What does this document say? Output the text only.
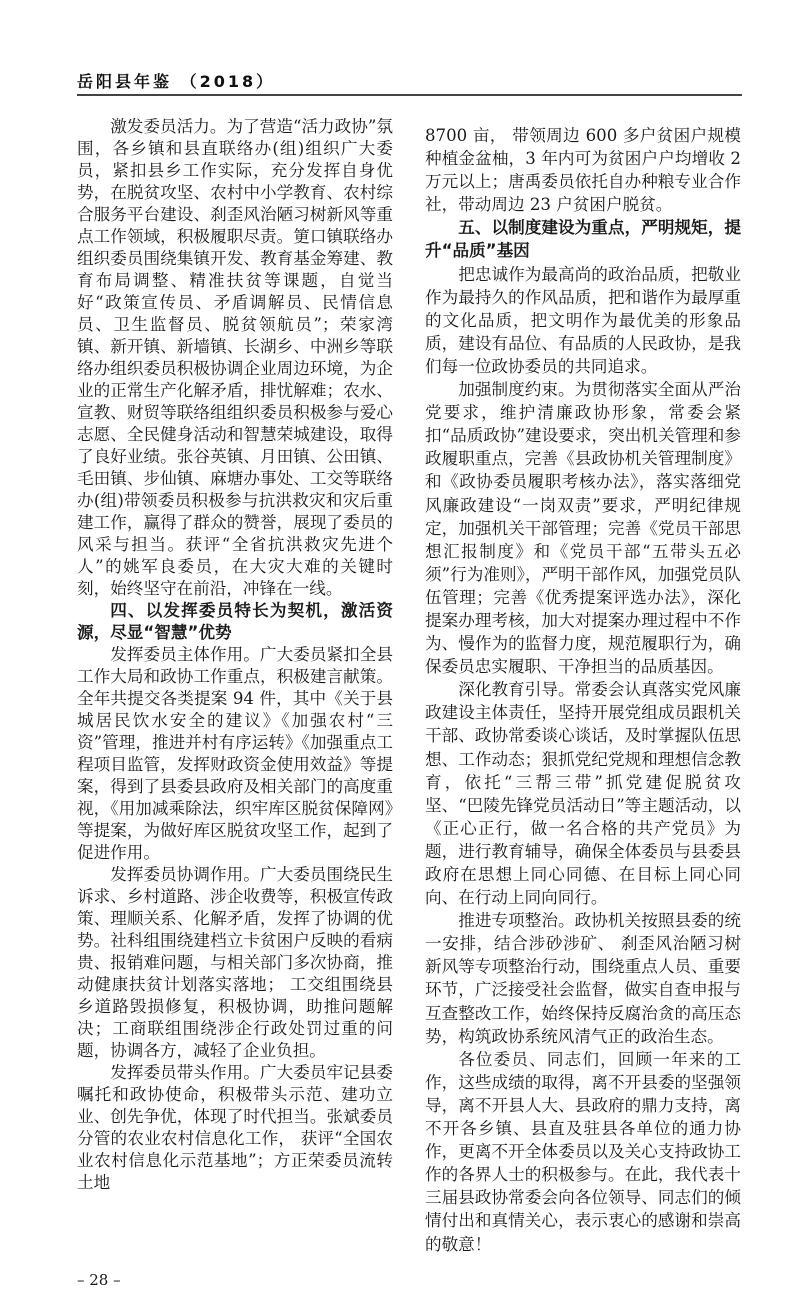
岳阳县年鉴 （2018）

激发委员活力。为了营造“活力政协”氛围，各乡镇和县直联络办(组)组织广大委员，紧扣县乡工作实际，充分发挥自身优势，在脱贫攻坚、农村中小学教育、农村综合服务平台建设、刹歪风治陋习树新风等重点工作领域，积极履职尽责。筻口镇联络办组织委员围绕集镇开发、教育基金筹建、教育布局调整、精准扶贫等课题，自觉当好“政策宣传员、矛盾调解员、民情信息员、卫生监督员、脱贫领航员”；荣家湾镇、新开镇、新墙镇、长湖乡、中洲乡等联络办组织委员积极协调企业周边环境，为企业的正常生产化解矛盾，排忧解难；农水、宣教、财贸等联络组组织委员积极参与爱心志愿、全民健身活动和智慧荣城建设，取得了良好业绩。张谷英镇、月田镇、公田镇、毛田镇、步仙镇、麻塘办事处、工交等联络办(组)带领委员积极参与抗洪救灾和灾后重建工作，赢得了群众的赞誉，展现了委员的风采与担当。获评“全省抗洪救灾先进个人”的姚军良委员，在大灾大难的关键时刻，始终坚守在前沿，冲锋在一线。

四、以发挥委员特长为契机，激活资源，尽显“智慧”优势

发挥委员主体作用。广大委员紧扣全县工作大局和政协工作重点，积极建言献策。全年共提交各类提案 94 件，其中《关于县城居民饮水安全的建议》《加强农村“三资”管理，推进并村有序运转》《加强重点工程项目监管，发挥财政资金使用效益》等提案，得到了县委县政府及相关部门的高度重视，《用加减乘除法，织牢库区脱贫保障网》等提案，为做好库区脱贫攻坚工作，起到了促进作用。

发挥委员协调作用。广大委员围绕民生诉求、乡村道路、涉企收费等，积极宣传政策、理顺关系、化解矛盾，发挥了协调的优势。社科组围绕建档立卡贫困户反映的看病贵、报销难问题，与相关部门多次协商，推动健康扶贫计划落实落地； 工交组围绕县乡道路毁损修复，积极协调，助推问题解决；工商联组围绕涉企行政处罚过重的问题，协调各方，减轻了企业负担。

发挥委员带头作用。广大委员牢记县委嘱托和政协使命，积极带头示范、建功立业、创先争优，体现了时代担当。张斌委员分管的农业农村信息化工作， 获评“全国农业农村信息化示范基地”；方正荣委员流转土地

8700 亩， 带领周边 600 多户贫困户规模种植金盆柚，3 年内可为贫困户户均增收 2 万元以上；唐禹委员依托自办种粮专业合作社，带动周边 23 户贫困户脱贫。

五、以制度建设为重点，严明规矩，提升“品质”基因

把忠诚作为最高尚的政治品质，把敬业作为最持久的作风品质，把和谐作为最厚重的文化品质，把文明作为最优美的形象品质，建设有品位、有品质的人民政协，是我们每一位政协委员的共同追求。

加强制度约束。为贯彻落实全面从严治党要求，维护清廉政协形象，常委会紧扣“品质政协”建设要求，突出机关管理和参政履职重点，完善《县政协机关管理制度》和《政协委员履职考核办法》，落实落细党风廉政建设“一岗双责”要求，严明纪律规定，加强机关干部管理；完善《党员干部思想汇报制度》和《党员干部“五带头五必须”行为准则》，严明干部作风，加强党员队伍管理；完善《优秀提案评选办法》，深化提案办理考核，加大对提案办理过程中不作为、慢作为的监督力度，规范履职行为，确保委员忠实履职、干净担当的品质基因。

深化教育引导。常委会认真落实党风廉政建设主体责任，坚持开展党组成员跟机关干部、政协常委谈心谈话，及时掌握队伍思想、工作动态；狠抓党纪党规和理想信念教育，依托“三帮三带”抓党建促脱贫攻坚、“巴陵先锋党员活动日”等主题活动，以《正心正行，做一名合格的共产党员》为题，进行教育辅导，确保全体委员与县委县政府在思想上同心同德、在目标上同心同向、在行动上同向同行。

推进专项整治。政协机关按照县委的统一安排，结合涉砂涉矿、 刹歪风治陋习树新风等专项整治行动，围绕重点人员、重要环节，广泛接受社会监督，做实自查申报与互查整改工作，始终保持反腐治贪的高压态势，构筑政协系统风清气正的政治生态。

各位委员、同志们，回顾一年来的工作，这些成绩的取得，离不开县委的坚强领导，离不开县人大、县政府的鼎力支持，离不开各乡镇、县直及驻县各单位的通力协作，更离不开全体委员以及关心支持政协工作的各界人士的积极参与。在此，我代表十三届县政协常委会向各位领导、同志们的倾情付出和真情关心，表示衷心的感谢和崇高的敬意！

– 28 –
